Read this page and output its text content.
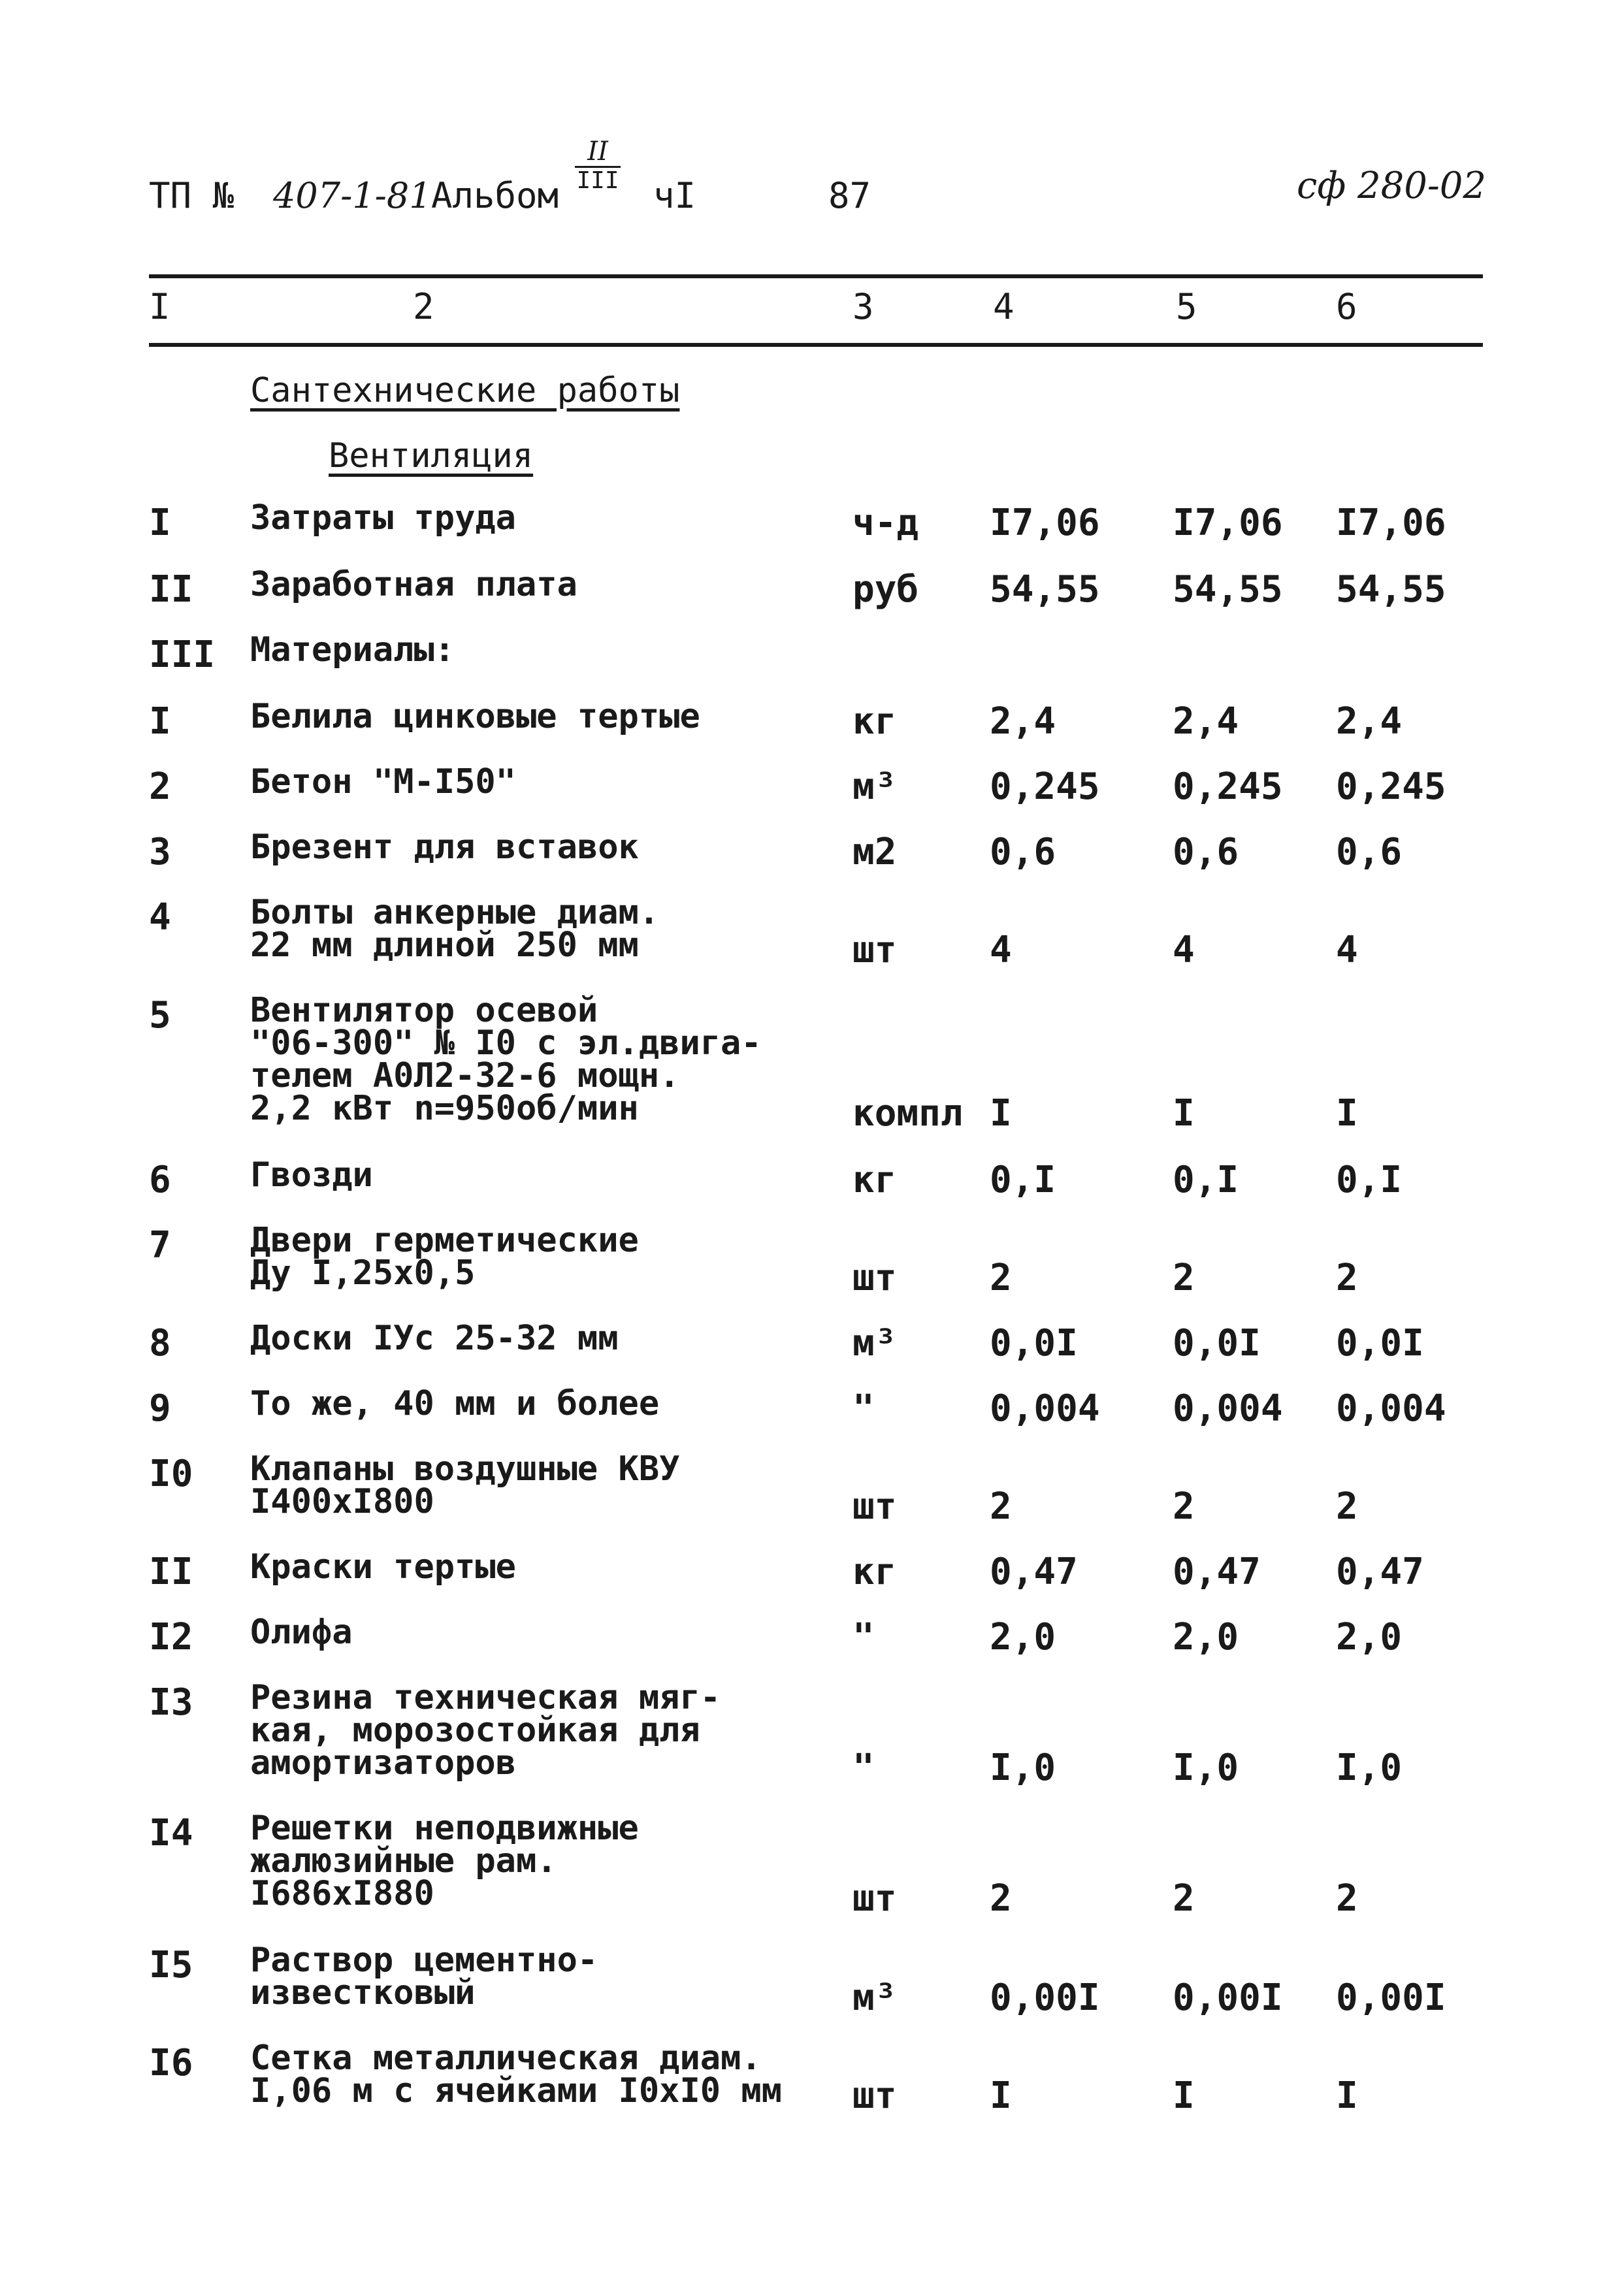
ТП № 407-1-81 Альбом
II
III чI	87	сф 280-02
I	2	3	4	5	6
Сантехнические работы
Вентиляция
I Затраты труда	ч-д I7,06 I7,06 I7,06
II Заработная плата	руб 54,55 54,55 54,55
III Материалы:
I Белила цинковые тертые	кг	2,4	2,4	2,4
2 Бетон "М-I50"	м³	0,245 0,245 0,245
3 Брезент для вставок	м2	0,6	0,6	0,6
4 Болты анкерные диам.
22 мм длиной 250 мм	шт	4	4	4
5 Вентилятор осевой
"06-300" № I0 с эл.двига-
телем А0Л2-32-6 мощн.
2,2 кВт n=950об/мин	компл I	I	I
6 Гвозди	кг	0,I	0,I	0,I
7 Двери герметические
Ду I,25х0,5	шт	2	2	2
8 Доски IУс 25-32 мм	м³	0,0I	0,0I 0,0I
9 То же, 40 мм и более	"	0,004 0,004 0,004
I0 Клапаны воздушные КВУ
I400хI800	шт	2	2	2
II Краски тертые	кг	0,47	0,47 0,47
I2 Олифа	"	2,0	2,0	2,0
I3 Резина техническая мяг-
кая, морозостойкая для
амортизаторов	"	I,0	I,0	I,0
I4 Решетки неподвижные
жалюзийные рам.
I686хI880	шт	2	2	2
I5 Раствор цементно-
известковый	м³	0,00I 0,00I 0,00I
I6 Сетка металлическая диам.
I,06 м с ячейками I0хI0 мм шт	I	I	I
